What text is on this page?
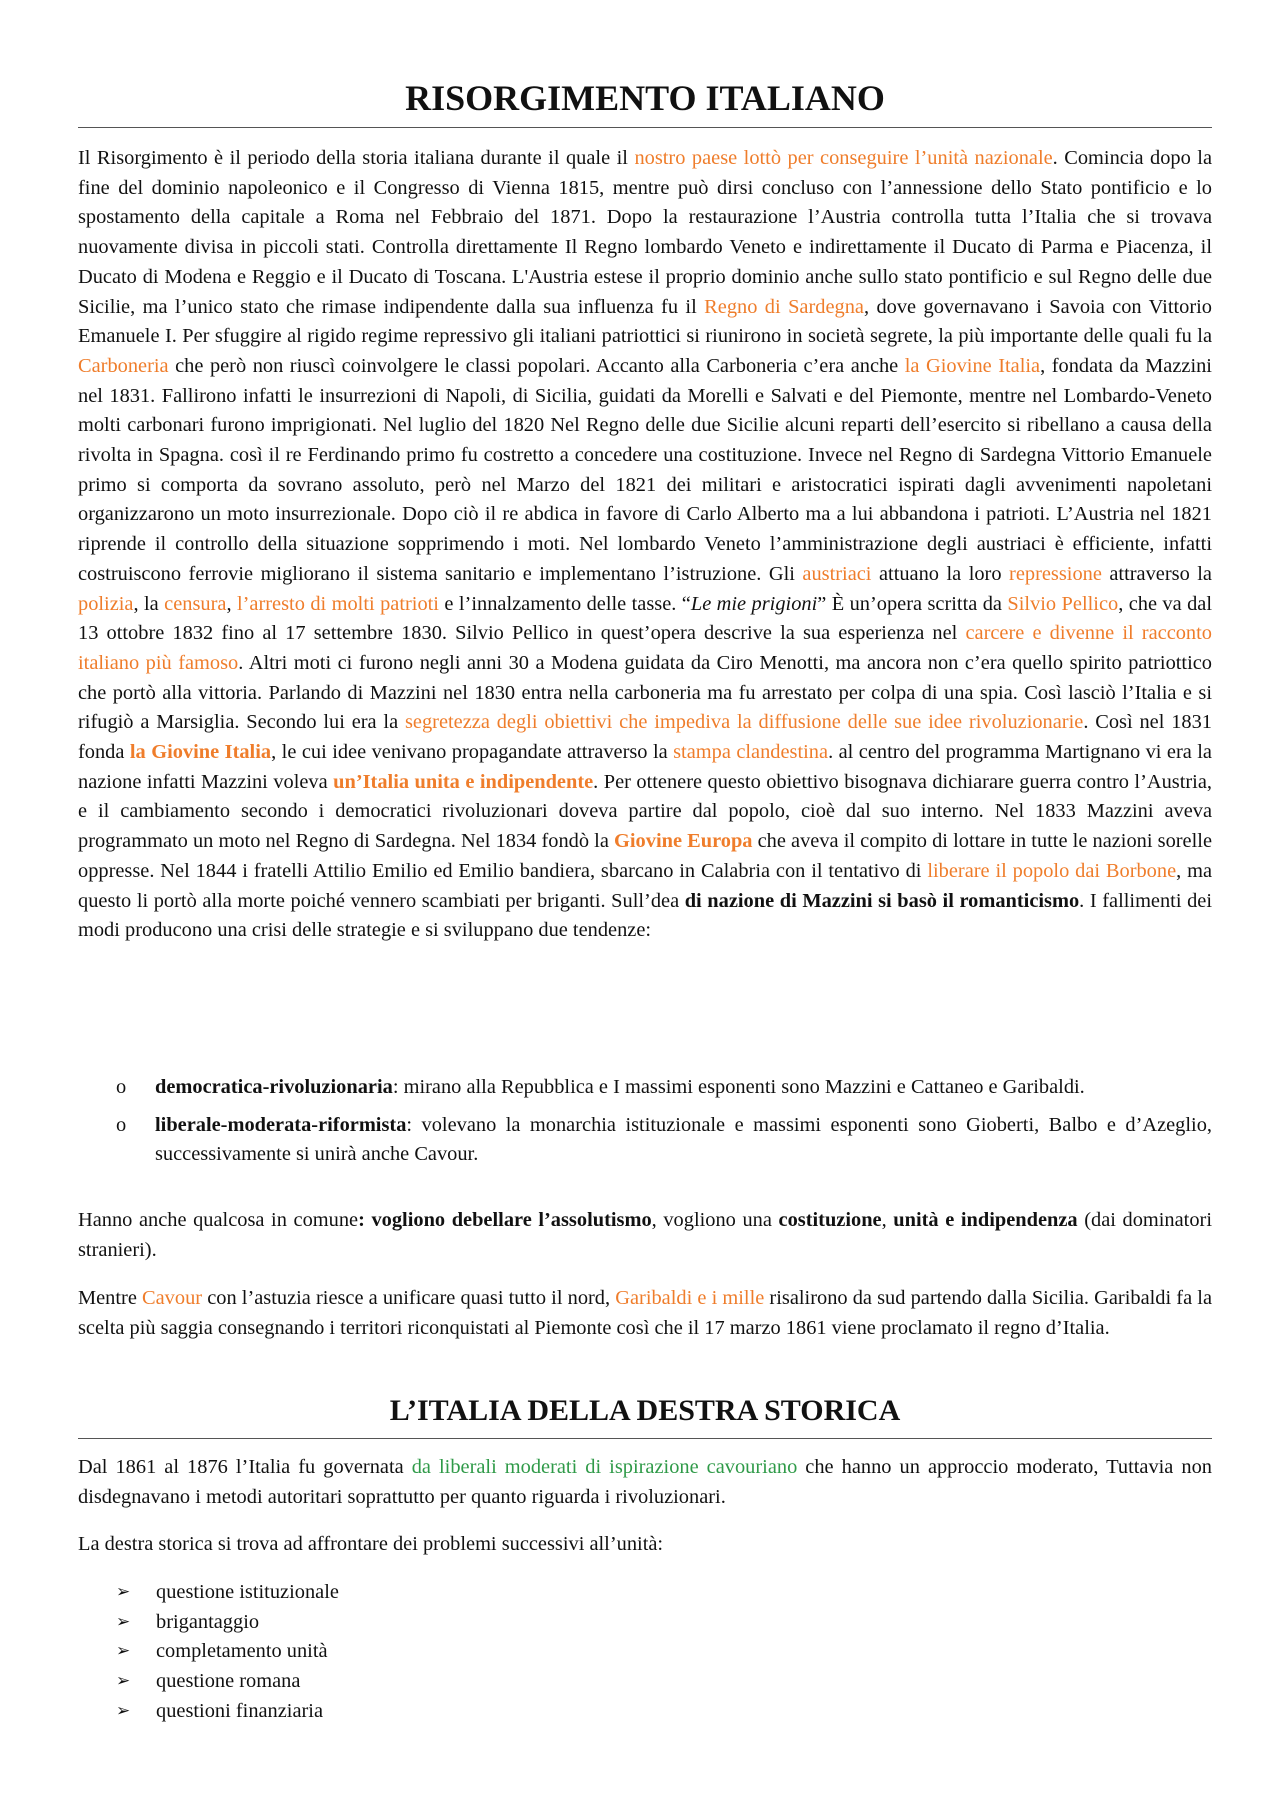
RISORGIMENTO ITALIANO

Il Risorgimento è il periodo della storia italiana durante il quale il nostro paese lottò per conseguire l’unità nazionale. Comincia dopo la fine del dominio napoleonico e il Congresso di Vienna 1815, mentre può dirsi concluso con l’annessione dello Stato pontificio e lo spostamento della capitale a Roma nel Febbraio del 1871. Dopo la restaurazione l’Austria controlla tutta l’Italia che si trovava nuovamente divisa in piccoli stati. Controlla direttamente Il Regno lombardo Veneto e indirettamente il Ducato di Parma e Piacenza, il Ducato di Modena e Reggio e il Ducato di Toscana. L'Austria estese il proprio dominio anche sullo stato pontificio e sul Regno delle due Sicilie, ma l’unico stato che rimase indipendente dalla sua influenza fu il Regno di Sardegna, dove governavano i Savoia con Vittorio Emanuele I. Per sfuggire al rigido regime repressivo gli italiani patriottici si riunirono in società segrete, la più importante delle quali fu la Carboneria che però non riuscì coinvolgere le classi popolari. Accanto alla Carboneria c’era anche la Giovine Italia, fondata da Mazzini nel 1831. Fallirono infatti le insurrezioni di Napoli, di Sicilia, guidati da Morelli e Salvati e del Piemonte, mentre nel Lombardo-Veneto molti carbonari furono imprigionati. Nel luglio del 1820 Nel Regno delle due Sicilie alcuni reparti dell’esercito si ribellano a causa della rivolta in Spagna. così il re Ferdinando primo fu costretto a concedere una costituzione. Invece nel Regno di Sardegna Vittorio Emanuele primo si comporta da sovrano assoluto, però nel Marzo del 1821 dei militari e aristocratici ispirati dagli avvenimenti napoletani organizzarono un moto insurrezionale. Dopo ciò il re abdica in favore di Carlo Alberto ma a lui abbandona i patrioti. L’Austria nel 1821 riprende il controllo della situazione sopprimendo i moti. Nel lombardo Veneto l’amministrazione degli austriaci è efficiente, infatti costruiscono ferrovie migliorano il sistema sanitario e implementano l’istruzione. Gli austriaci attuano la loro repressione attraverso la polizia, la censura, l’arresto di molti patrioti e l’innalzamento delle tasse. “Le mie prigioni” È un’opera scritta da Silvio Pellico, che va dal 13 ottobre 1832 fino al 17 settembre 1830. Silvio Pellico in quest’opera descrive la sua esperienza nel carcere e divenne il racconto italiano più famoso. Altri moti ci furono negli anni 30 a Modena guidata da Ciro Menotti, ma ancora non c’era quello spirito patriottico che portò alla vittoria. Parlando di Mazzini nel 1830 entra nella carboneria ma fu arrestato per colpa di una spia. Così lasciò l’Italia e si rifugiò a Marsiglia. Secondo lui era la segretezza degli obiettivi che impediva la diffusione delle sue idee rivoluzionarie. Così nel 1831 fonda la Giovine Italia, le cui idee venivano propagandate attraverso la stampa clandestina. al centro del programma Martignano vi era la nazione infatti Mazzini voleva un’Italia unita e indipendente. Per ottenere questo obiettivo bisognava dichiarare guerra contro l’Austria, e il cambiamento secondo i democratici rivoluzionari doveva partire dal popolo, cioè dal suo interno. Nel 1833 Mazzini aveva programmato un moto nel Regno di Sardegna. Nel 1834 fondò la Giovine Europa che aveva il compito di lottare in tutte le nazioni sorelle oppresse. Nel 1844 i fratelli Attilio Emilio ed Emilio bandiera, sbarcano in Calabria con il tentativo di liberare il popolo dai Borbone, ma questo li portò alla morte poiché vennero scambiati per briganti. Sull’dea di nazione di Mazzini si basò il romanticismo. I fallimenti dei modi producono una crisi delle strategie e si sviluppano due tendenze:

o democratica-rivoluzionaria: mirano alla Repubblica e I massimi esponenti sono Mazzini e Cattaneo e Garibaldi.
o liberale-moderata-riformista: volevano la monarchia istituzionale e massimi esponenti sono Gioberti, Balbo e d’Azeglio, successivamente si unirà anche Cavour.

Hanno anche qualcosa in comune: vogliono debellare l’assolutismo, vogliono una costituzione, unità e indipendenza (dai dominatori stranieri).

Mentre Cavour con l’astuzia riesce a unificare quasi tutto il nord, Garibaldi e i mille risalirono da sud partendo dalla Sicilia. Garibaldi fa la scelta più saggia consegnando i territori riconquistati al Piemonte così che il 17 marzo 1861 viene proclamato il regno d’Italia.

L’ITALIA DELLA DESTRA STORICA

Dal 1861 al 1876 l’Italia fu governata da liberali moderati di ispirazione cavouriano che hanno un approccio moderato, Tuttavia non disdegnavano i metodi autoritari soprattutto per quanto riguarda i rivoluzionari.

La destra storica si trova ad affrontare dei problemi successivi all’unità:

➢ questione istituzionale
➢ brigantaggio
➢ completamento unità
➢ questione romana
➢ questioni finanziaria
